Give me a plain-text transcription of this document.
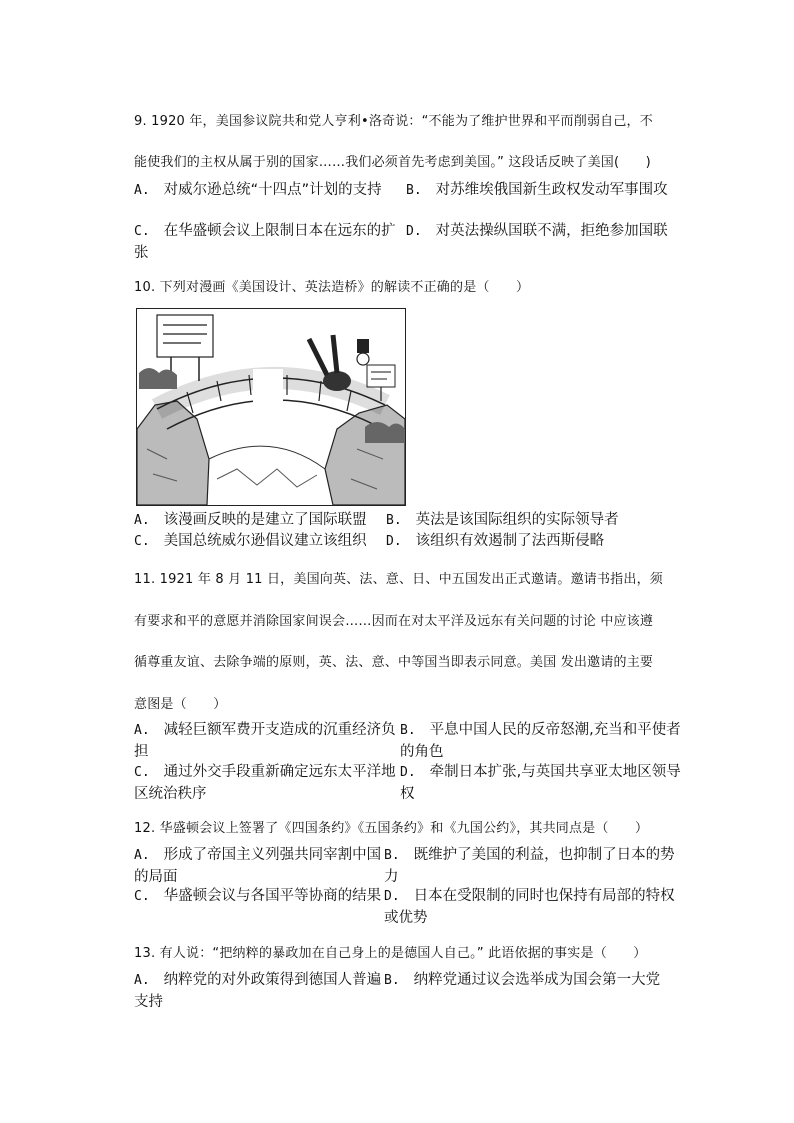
9. 1920 年，美国参议院共和党人亨利•洛奇说：“不能为了维护世界和平而削弱自己，不
能使我们的主权从属于别的国家……我们必须首先考虑到美国。” 这段话反映了美国(　　)
A. 对威尔逊总统“十四点”计划的支持	B. 对苏维埃俄国新生政权发动军事围攻
C. 在华盛顿会议上限制日本在远东的扩张
D. 对英法操纵国联不满，拒绝参加国联
10. 下列对漫画《美国设计、英法造桥》的解读不正确的是（　　）
A. 该漫画反映的是建立了国际联盟 B. 英法是该国际组织的实际领导者
C. 美国总统威尔逊倡议建立该组织 D. 该组织有效遏制了法西斯侵略
11. 1921 年 8 月 11 日，美国向英、法、意、日、中五国发出正式邀请。邀请书指出，须
有要求和平的意愿并消除国家间误会……因而在对太平洋及远东有关问题的讨论 中应该遵
循尊重友谊、去除争端的原则，英、法、意、中等国当即表示同意。美国 发出邀请的主要
意图是（　　）
A. 减轻巨额军费开支造成的沉重经济负担
B. 平息中国人民的反帝怒潮,充当和平使者的角色
C. 通过外交手段重新确定远东太平洋地区统治秩序
D. 牵制日本扩张,与英国共享亚太地区领导权
12. 华盛顿会议上签署了《四国条约》《五国条约》和《九国公约》，其共同点是（　　）
A. 形成了帝国主义列强共同宰割中国的局面
B. 既维护了美国的利益，也抑制了日本的势力
C. 华盛顿会议与各国平等协商的结果 D. 日本在受限制的同时也保持有局部的特权或优势
13. 有人说：“把纳粹的暴政加在自己身上的是德国人自己。” 此语依据的事实是（　　）
A. 纳粹党的对外政策得到德国人普遍支持
B. 纳粹党通过议会选举成为国会第一大党
